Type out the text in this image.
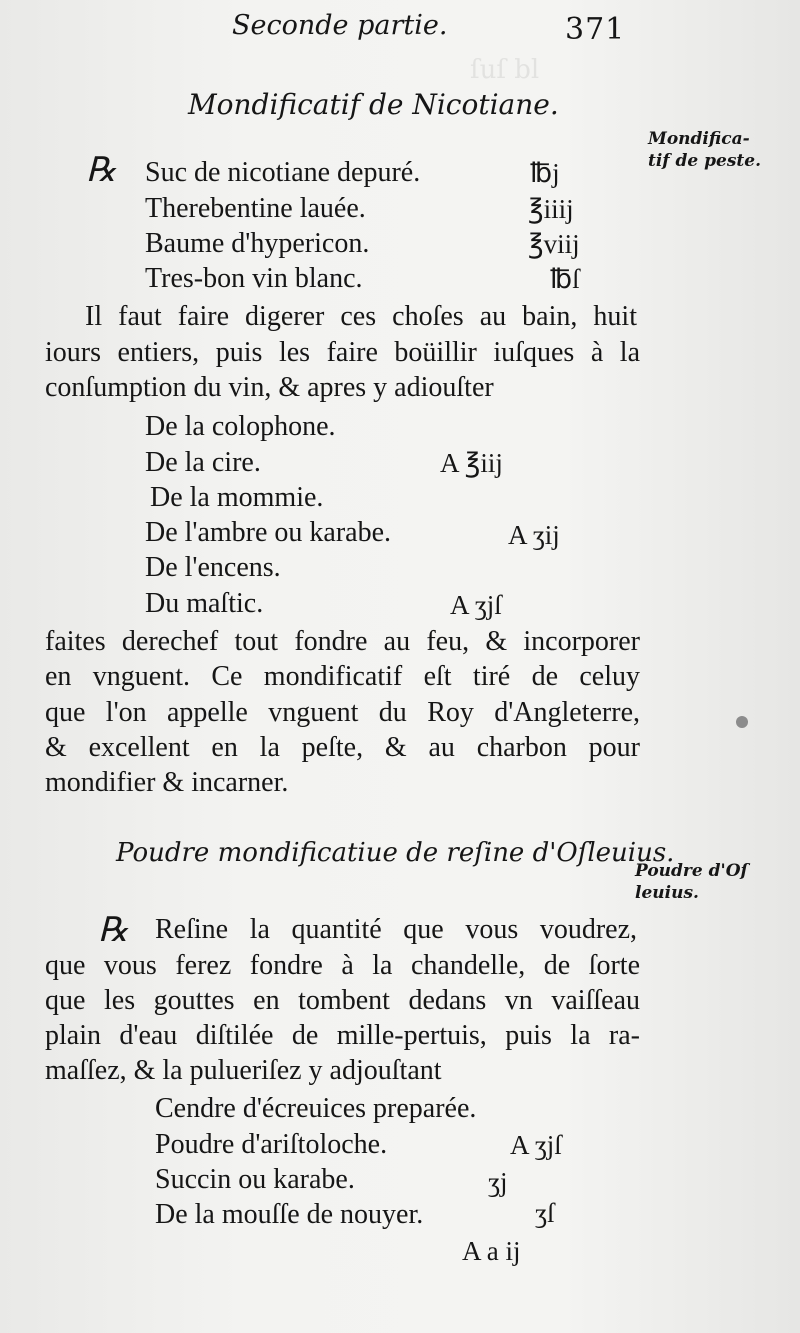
ſuſ bl
Seconde partie.	371
Mondificatif de Nicotiane.
Mondifica-
tif de peste.
℞ Suc de nicotiane depuré.	℔j
Therebentine lauée.	℥iiij
Baume d'hypericon.	℥viij
Tres-bon vin blanc.	℔ſ
Il faut faire digerer ces choſes au bain, huit
iours entiers, puis les faire boüillir iuſques à la
conſumption du vin, & apres y adiouſter
De la colophone.
De la cire.	A ℥iij
De la mommie.
De l'ambre ou karabe.	A ʒij
De l'encens.
Du maſtic.	A ʒjſ
faites derechef tout fondre au feu, & incorporer
en vnguent. Ce mondificatif eſt tiré de celuy
que l'on appelle vnguent du Roy d'Angleterre,
& excellent en la peſte, & au charbon pour
mondifier & incarner.
Poudre mondificatiue de reſine d'Oſleuius.
Poudre d'Oſ
leuius.
℞ Reſine la quantité que vous voudrez,
que vous ferez fondre à la chandelle, de ſorte
que les gouttes en tombent dedans vn vaiſſeau
plain d'eau diſtilée de mille-pertuis, puis la ra-
maſſez, & la pulueriſez y adjouſtant
Cendre d'écreuices preparée.
Poudre d'ariſtoloche.	A ʒjſ
Succin ou karabe.	ʒj
De la mouſſe de nouyer.	ʒſ
A a ij
